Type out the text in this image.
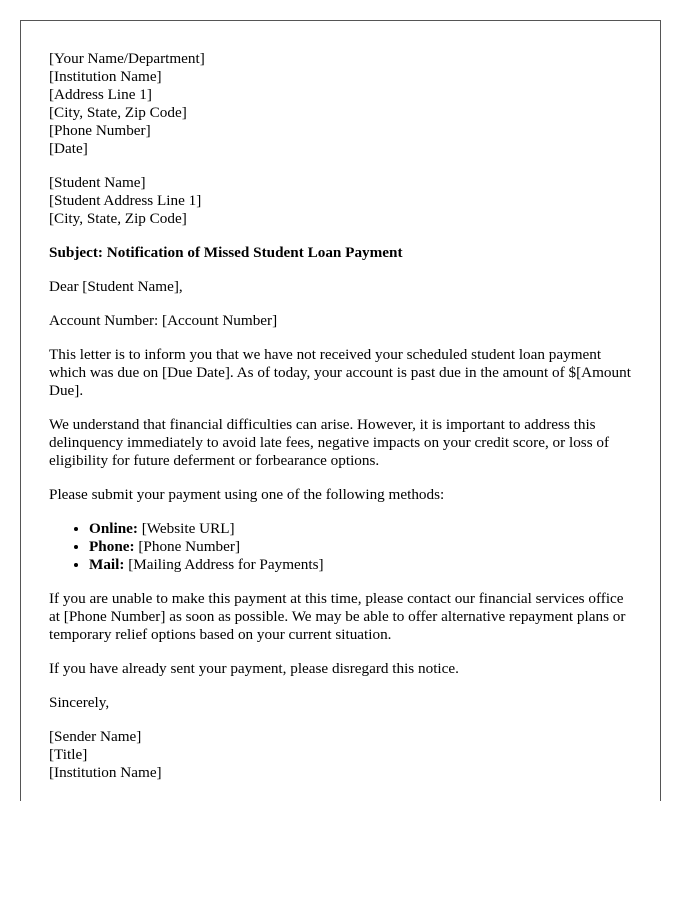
[Your Name/Department]
[Institution Name]
[Address Line 1]
[City, State, Zip Code]
[Phone Number]
[Date]
[Student Name]
[Student Address Line 1]
[City, State, Zip Code]

Subject: Notification of Missed Student Loan Payment

Dear [Student Name],

Account Number: [Account Number]

This letter is to inform you that we have not received your scheduled student loan payment which was due on [Due Date]. As of today, your account is past due in the amount of $[Amount Due].

We understand that financial difficulties can arise. However, it is important to address this delinquency immediately to avoid late fees, negative impacts on your credit score, or loss of eligibility for future deferment or forbearance options.

Please submit your payment using one of the following methods:

• Online: [Website URL]
• Phone: [Phone Number]
• Mail: [Mailing Address for Payments]

If you are unable to make this payment at this time, please contact our financial services office at [Phone Number] as soon as possible. We may be able to offer alternative repayment plans or temporary relief options based on your current situation.

If you have already sent your payment, please disregard this notice.

Sincerely,

[Sender Name]
[Title]
[Institution Name]
